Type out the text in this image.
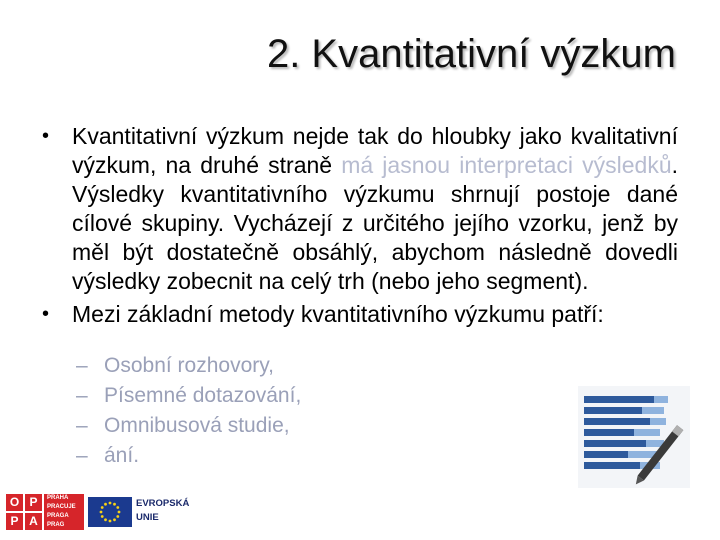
2. Kvantitativní výzkum

• Kvantitativní výzkum nejde tak do hloubky jako kvalitativní výzkum, na druhé straně má jasnou interpretaci výsledků. Výsledky kvantitativního výzkumu shrnují postoje dané cílové skupiny. Vycházejí z určitého jejího vzorku, jenž by měl být dostatečně obsáhlý, abychom následně dovedli výsledky zobecnit na celý trh (nebo jeho segment).

• Mezi základní metody kvantitativního výzkumu patří:

– Osobní rozhovory,
– Písemné dotazování,
– Omnibusová studie,
– ání.
O P
P A
PRAHA
PRACUJE
PRAGA
PRAG
EVROPSKÁ
UNIE
